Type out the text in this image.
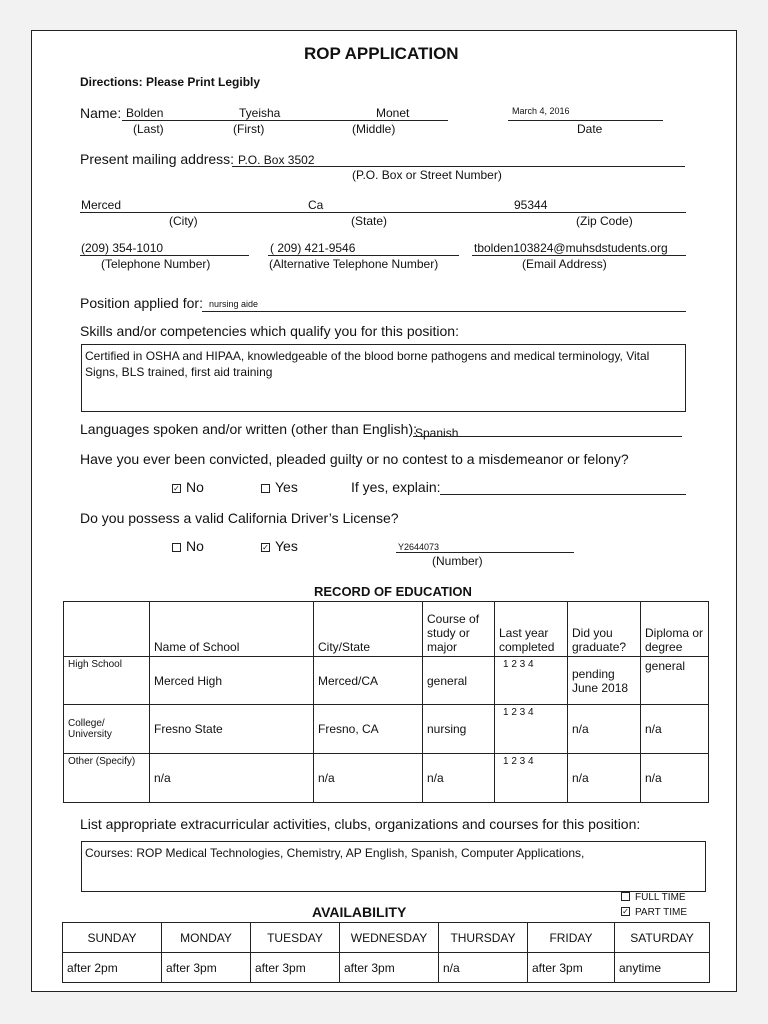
ROP APPLICATION
Directions: Please Print Legibly
Name: Bolden	Tyeisha	Monet	March 4, 2016
(Last)	(First)	(Middle)	Date
Present mailing address: P.O. Box 3502
(P.O. Box or Street Number)
Merced	Ca	95344
(City)	(State)	(Zip Code)
(209) 354-1010	( 209) 421-9546	tbolden103824@muhsdstudents.org
(Telephone Number)	(Alternative Telephone Number)	(Email Address)
Position applied for: nursing aide
Skills and/or competencies which qualify you for this position:
Certified in OSHA and HIPAA, knowledgeable of the blood borne pathogens and medical terminology, Vital Signs, BLS trained, first aid training
Languages spoken and/or written (other than English):
Spanish
Have you ever been convicted, pleaded guilty or no contest to a misdemeanor or felony?
✓No	Yes	If yes, explain:
Do you possess a valid California Driver’s License?
No ✓	Yes	Y2644073
(Number)
RECORD OF EDUCATION
	Name of School	City/State	Course of study or major	Last year completed	Did you graduate?	Diploma or degree
High School	Merced High	Merced/CA	general	1 2 3 4	pending June 2018	general
College/ University	Fresno State	Fresno, CA	nursing	1 2 3 4	n/a	n/a
Other (Specify)	n/a	n/a	n/a	1 2 3 4	n/a	n/a
List appropriate extracurricular activities, clubs, organizations and courses for this position:
Courses: ROP Medical Technologies, Chemistry, AP English, Spanish, Computer Applications,
FULL TIME
✓PART TIME
AVAILABILITY
SUNDAY	MONDAY	TUESDAY	WEDNESDAY	THURSDAY	FRIDAY	SATURDAY
after 2pm	after 3pm	after 3pm	after 3pm	n/a	after 3pm	anytime
